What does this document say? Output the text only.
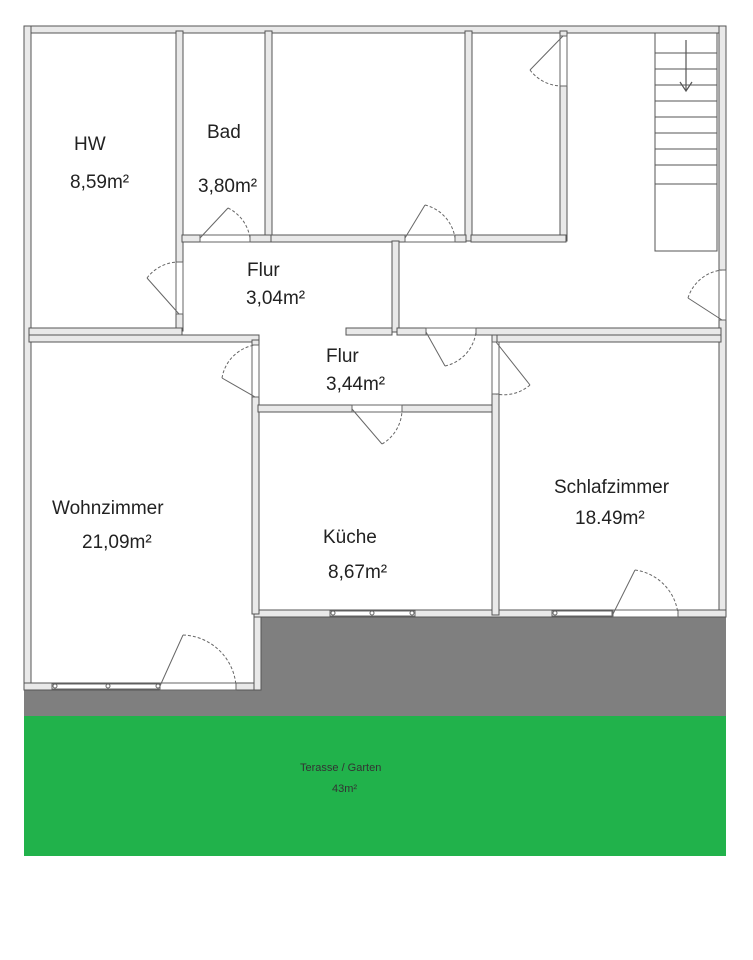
HW
8,59m²
Bad
3,80m²
Flur
3,04m²
Flur
3,44m²
Wohnzimmer
21,09m²	Küche
8,67m²
Schlafzimmer
18.49m²
Terasse / Garten
43m²
